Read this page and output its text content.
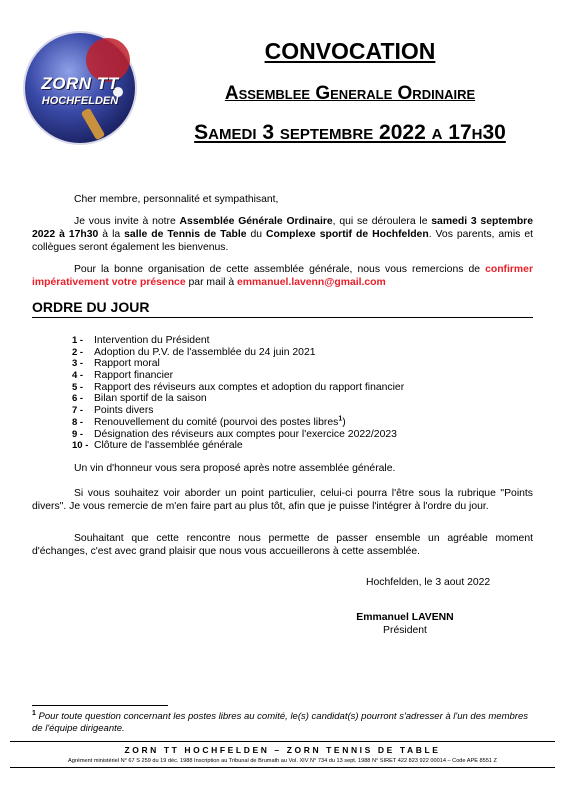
ZORN TT
HOCHFELDEN
CONVOCATION
Assemblee Generale Ordinaire
Samedi 3 septembre 2022 a 17h30
Cher membre, personnalité et sympathisant,
Je vous invite à notre Assemblée Générale Ordinaire, qui se déroulera le samedi 3 septembre 2022 à 17h30 à la salle de Tennis de Table du Complexe sportif de Hochfelden. Vos parents, amis et collègues seront également les bienvenus.
Pour la bonne organisation de cette assemblée générale, nous vous remercions de confirmer impérativement votre présence par mail à emmanuel.lavenn@gmail.com
ORDRE DU JOUR
1 - Intervention du Président
2 - Adoption du P.V. de l'assemblée du 24 juin 2021
3 - Rapport moral
4 - Rapport financier
5 - Rapport des réviseurs aux comptes et adoption du rapport financier
6 - Bilan sportif de la saison
7 - Points divers
8 - Renouvellement du comité (pourvoi des postes libres$^1$)
9 - Désignation des réviseurs aux comptes pour l'exercice 2022/2023
10 - Clôture de l'assemblée générale
Un vin d'honneur vous sera proposé après notre assemblée générale.
Si vous souhaitez voir aborder un point particulier, celui-ci pourra l'être sous la rubrique "Points divers". Je vous remercie de m'en faire part au plus tôt, afin que je puisse l'intégrer à l'ordre du jour.
Souhaitant que cette rencontre nous permette de passer ensemble un agréable moment d'échanges, c'est avec grand plaisir que nous vous accueillerons à cette assemblée.
Hochfelden, le 3 aout 2022
Emmanuel LAVENN
Président
$^1$ Pour toute question concernant les postes libres au comité, le(s) candidat(s) pourront s'adresser à l'un des membres de l'équipe dirigeante.
ZORN TT HOCHFELDEN – ZORN TENNIS DE TABLE
Agrément ministériel N° 67 S 259 du 19 déc. 1988 Inscription au Tribunal de Brumath au Vol. XIV N° 734 du 13 sept. 1988 N° SIRET 422 823 922 00014 – Code APE 8551 Z
